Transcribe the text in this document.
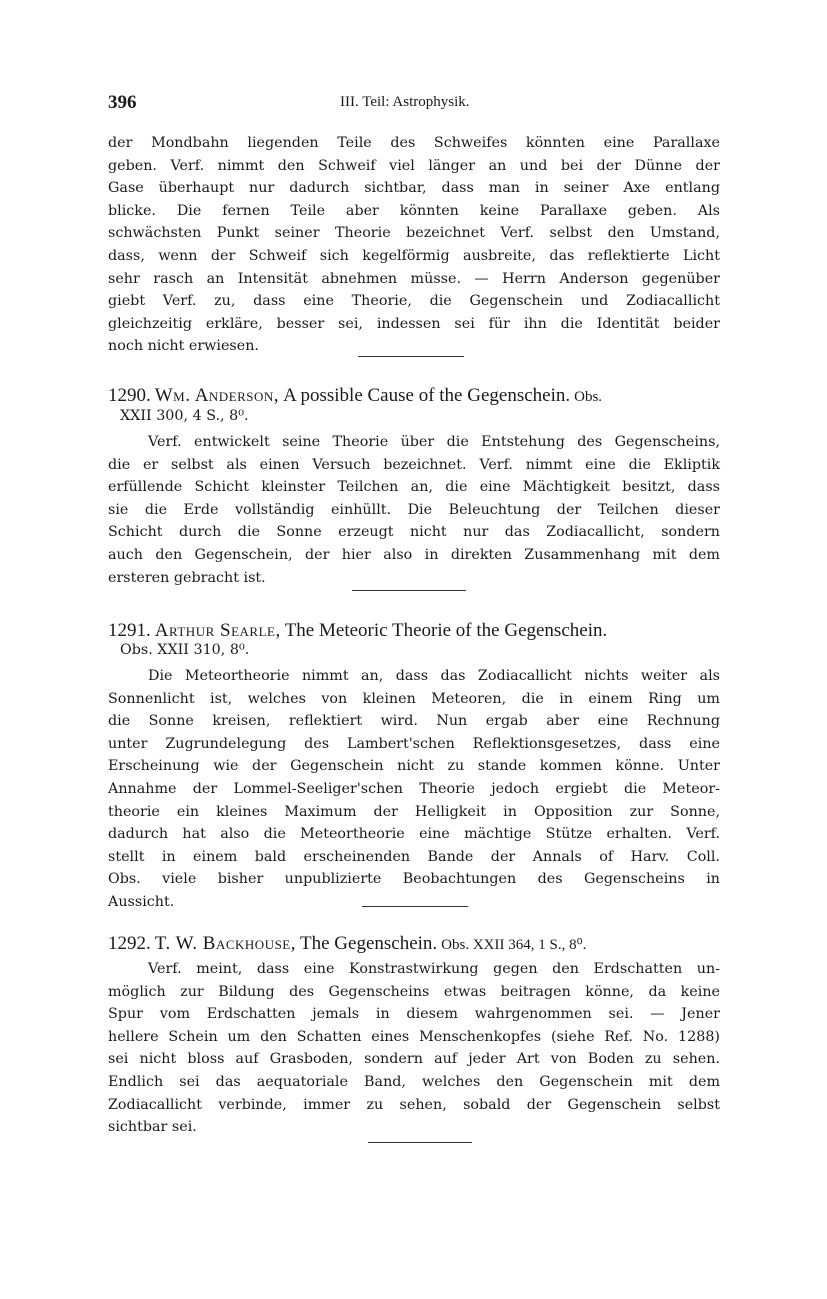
396	III. Teil: Astrophysik.
der Mondbahn liegenden Teile des Schweifes könnten eine Parallaxe
geben. Verf. nimmt den Schweif viel länger an und bei der Dünne der
Gase überhaupt nur dadurch sichtbar, dass man in seiner Axe entlang
blicke. Die fernen Teile aber könnten keine Parallaxe geben. Als
schwächsten Punkt seiner Theorie bezeichnet Verf. selbst den Umstand,
dass, wenn der Schweif sich kegelförmig ausbreite, das reflektierte Licht
sehr rasch an Intensität abnehmen müsse. — Herrn Anderson gegenüber
giebt Verf. zu, dass eine Theorie, die Gegenschein und Zodiacallicht
gleichzeitig erkläre, besser sei, indessen sei für ihn die Identität beider
noch nicht erwiesen.
1290. Wm. Anderson, A possible Cause of the Gegenschein. Obs.
XXII 300, 4 S., 8⁰.
Verf. entwickelt seine Theorie über die Entstehung des Gegenscheins,
die er selbst als einen Versuch bezeichnet. Verf. nimmt eine die Ekliptik
erfüllende Schicht kleinster Teilchen an, die eine Mächtigkeit besitzt, dass
sie die Erde vollständig einhüllt. Die Beleuchtung der Teilchen dieser
Schicht durch die Sonne erzeugt nicht nur das Zodiacallicht, sondern
auch den Gegenschein, der hier also in direkten Zusammenhang mit dem
ersteren gebracht ist.
1291. Arthur Searle, The Meteoric Theorie of the Gegenschein.
Obs. XXII 310, 8⁰.
Die Meteortheorie nimmt an, dass das Zodiacallicht nichts weiter als
Sonnenlicht ist, welches von kleinen Meteoren, die in einem Ring um
die Sonne kreisen, reflektiert wird. Nun ergab aber eine Rechnung
unter Zugrundelegung des Lambert'schen Reflektionsgesetzes, dass eine
Erscheinung wie der Gegenschein nicht zu stande kommen könne. Unter
Annahme der Lommel-Seeliger'schen Theorie jedoch ergiebt die Meteor-
theorie ein kleines Maximum der Helligkeit in Opposition zur Sonne,
dadurch hat also die Meteortheorie eine mächtige Stütze erhalten. Verf.
stellt in einem bald erscheinenden Bande der Annals of Harv. Coll.
Obs. viele bisher unpublizierte Beobachtungen des Gegenscheins in
Aussicht.
1292. T. W. Backhouse, The Gegenschein. Obs. XXII 364, 1 S., 8⁰.
Verf. meint, dass eine Konstrastwirkung gegen den Erdschatten un-
möglich zur Bildung des Gegenscheins etwas beitragen könne, da keine
Spur vom Erdschatten jemals in diesem wahrgenommen sei. — Jener
hellere Schein um den Schatten eines Menschenkopfes (siehe Ref. No. 1288)
sei nicht bloss auf Grasboden, sondern auf jeder Art von Boden zu sehen.
Endlich sei das aequatoriale Band, welches den Gegenschein mit dem
Zodiacallicht verbinde, immer zu sehen, sobald der Gegenschein selbst
sichtbar sei.
